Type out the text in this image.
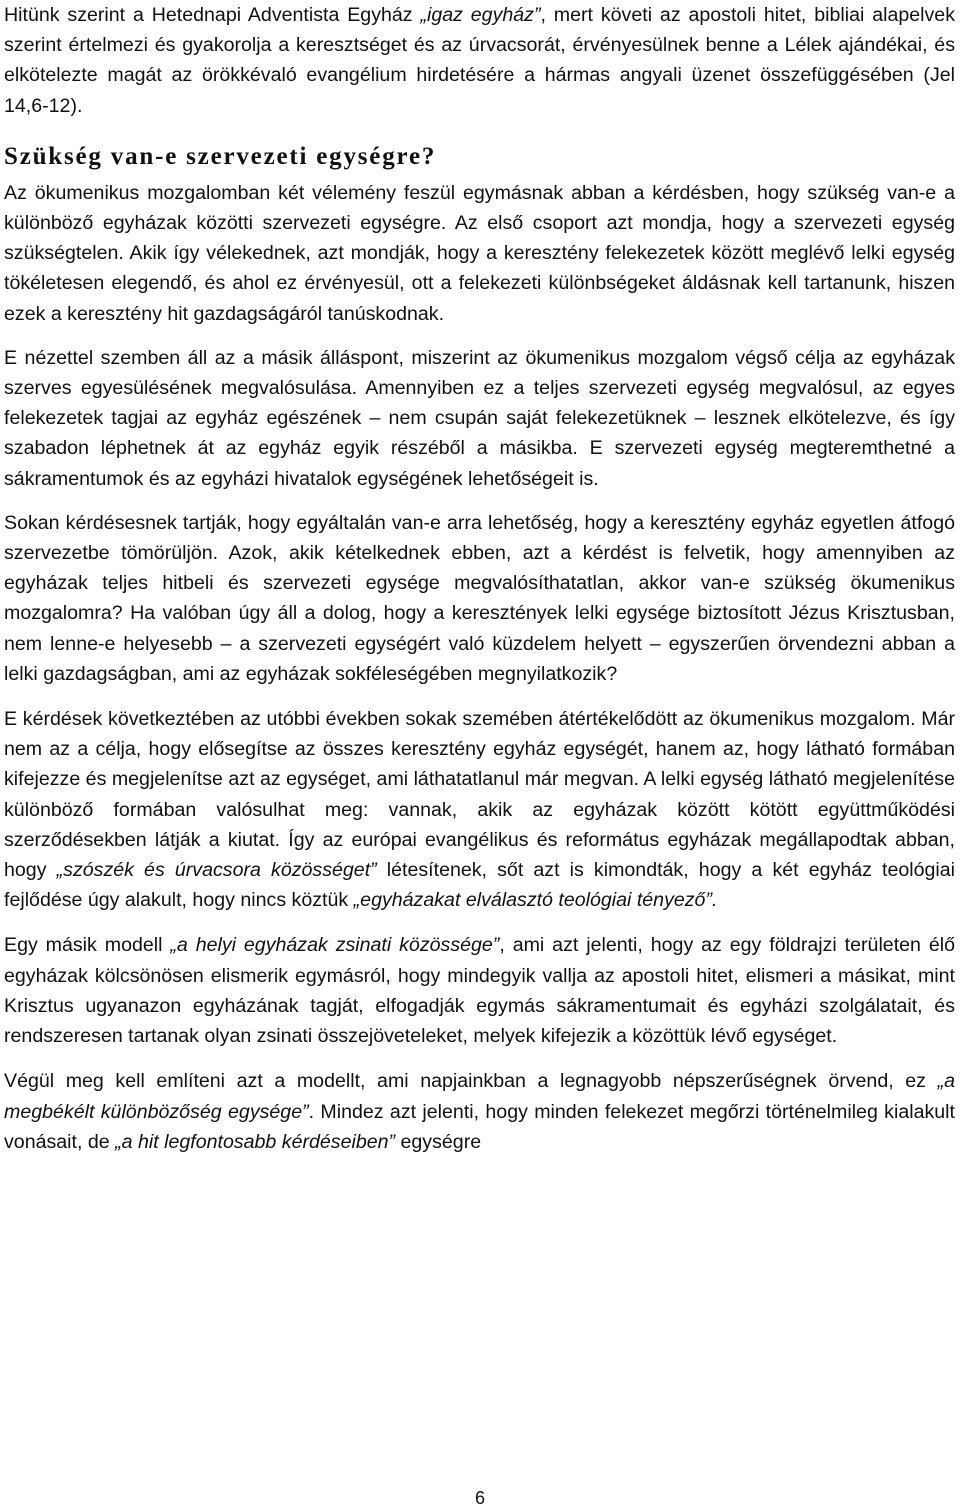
Hitünk szerint a Hetednapi Adventista Egyház „igaz egyház”, mert követi az apostoli hitet, bibliai alapelvek szerint értelmezi és gyakorolja a keresztséget és az úrvacsorát, érvényesülnek benne a Lélek ajándékai, és elkötelezte magát az örökkévaló evangélium hirdetésére a hármas angyali üzenet összefüggésében (Jel 14,6-12).

Szükség van-e szervezeti egységre?

Az ökumenikus mozgalomban két vélemény feszül egymásnak abban a kérdésben, hogy szükség van-e a különböző egyházak közötti szervezeti egységre. Az első csoport azt mondja, hogy a szervezeti egység szükségtelen. Akik így vélekednek, azt mondják, hogy a keresztény felekezetek között meglévő lelki egység tökéletesen elegendő, és ahol ez érvényesül, ott a felekezeti különbségeket áldásnak kell tartanunk, hiszen ezek a keresztény hit gazdagságáról tanúskodnak.

E nézettel szemben áll az a másik álláspont, miszerint az ökumenikus mozgalom végső célja az egyházak szerves egyesülésének megvalósulása. Amennyiben ez a teljes szervezeti egység megvalósul, az egyes felekezetek tagjai az egyház egészének – nem csupán saját felekezetüknek – lesznek elkötelezve, és így szabadon léphetnek át az egyház egyik részéből a másikba. E szervezeti egység megteremthetné a sákramentumok és az egyházi hivatalok egységének lehetőségeit is.

Sokan kérdésesnek tartják, hogy egyáltalán van-e arra lehetőség, hogy a keresztény egyház egyetlen átfogó szervezetbe tömörüljön. Azok, akik kételkednek ebben, azt a kérdést is felvetik, hogy amennyiben az egyházak teljes hitbeli és szervezeti egysége megvalósíthatatlan, akkor van-e szükség ökumenikus mozgalomra? Ha valóban úgy áll a dolog, hogy a keresztények lelki egysége biztosított Jézus Krisztusban, nem lenne-e helyesebb – a szervezeti egységért való küzdelem helyett – egyszerűen örvendezni abban a lelki gazdagságban, ami az egyházak sokféleségében megnyilatkozik?

E kérdések következtében az utóbbi években sokak szemében átértékelődött az ökumenikus mozgalom. Már nem az a célja, hogy elősegítse az összes keresztény egyház egységét, hanem az, hogy látható formában kifejezze és megjelenítse azt az egységet, ami láthatatlanul már megvan. A lelki egység látható megjelenítése különböző formában valósulhat meg: vannak, akik az egyházak között kötött együttműködési szerződésekben látják a kiutat. Így az európai evangélikus és református egyházak megállapodtak abban, hogy „szószék és úrvacsora közösséget” létesítenek, sőt azt is kimondták, hogy a két egyház teológiai fejlődése úgy alakult, hogy nincs köztük „egyházakat elválasztó teológiai tényező”.

Egy másik modell „a helyi egyházak zsinati közössége”, ami azt jelenti, hogy az egy földrajzi területen élő egyházak kölcsönösen elismerik egymásról, hogy mindegyik vallja az apostoli hitet, elismeri a másikat, mint Krisztus ugyanazon egyházának tagját, elfogadják egymás sákramentumait és egyházi szolgálatait, és rendszeresen tartanak olyan zsinati összejöveteleket, melyek kifejezik a közöttük lévő egységet.

Végül meg kell említeni azt a modellt, ami napjainkban a legnagyobb népszerűségnek örvend, ez „a megbékélt különbözőség egysége”. Mindez azt jelenti, hogy minden felekezet megőrzi történelmileg kialakult vonásait, de „a hit legfontosabb kérdéseiben” egységre

6
